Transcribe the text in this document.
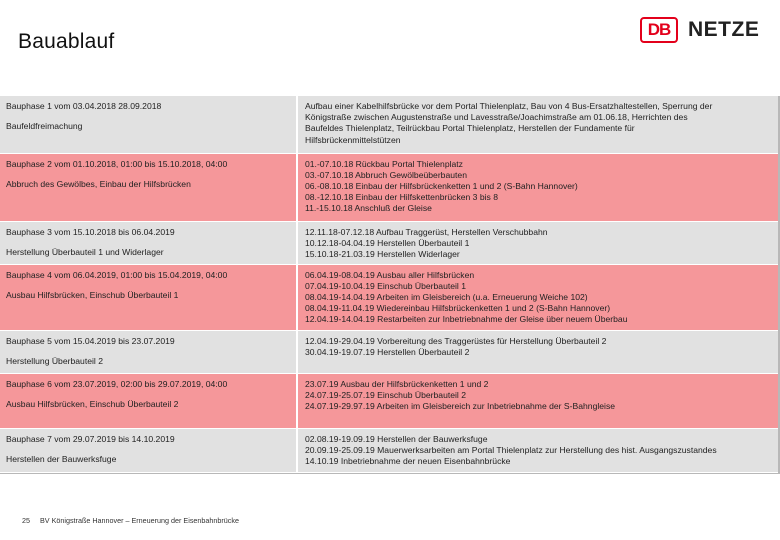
Bauablauf
DB NETZE
Bauphase 1 vom 03.04.2018 28.09.2018
Baufeldfreimachung	Aufbau einer Kabelhilfsbrücke vor dem Portal Thielenplatz, Bau von 4 Bus-Ersatzhaltestellen, Sperrung der
Königstraße zwischen Augustenstraße und Lavesstraße/Joachimstraße am 01.06.18, Herrichten des
Baufeldes Thielenplatz, Teilrückbau Portal Thielenplatz, Herstellen der Fundamente für
Hilfsbrückenmittelstützen

Bauphase 2 vom 01.10.2018, 01:00 bis 15.10.2018, 04:00
Abbruch des Gewölbes, Einbau der Hilfsbrücken	01.-07.10.18 Rückbau Portal Thielenplatz
03.-07.10.18 Abbruch Gewölbeüberbauten
06.-08.10.18 Einbau der Hilfsbrückenketten 1 und 2 (S-Bahn Hannover)
08.-12.10.18 Einbau der Hilfskettenbrücken 3 bis 8
11.-15.10.18 Anschluß der Gleise

Bauphase 3 vom 15.10.2018 bis 06.04.2019
Herstellung Überbauteil 1 und Widerlager	12.11.18-07.12.18 Aufbau Traggerüst, Herstellen Verschubbahn
10.12.18-04.04.19 Herstellen Überbauteil 1
15.10.18-21.03.19 Herstellen Widerlager

Bauphase 4 vom 06.04.2019, 01:00 bis 15.04.2019, 04:00
Ausbau Hilfsbrücken, Einschub Überbauteil 1	06.04.19-08.04.19 Ausbau aller Hilfsbrücken
07.04.19-10.04.19 Einschub Überbauteil 1
08.04.19-14.04.19 Arbeiten im Gleisbereich (u.a. Erneuerung Weiche 102)
08.04.19-11.04.19 Wiedereinbau Hilfsbrückenketten 1 und 2 (S-Bahn Hannover)
12.04.19-14.04.19 Restarbeiten zur Inbetriebnahme der Gleise über neuem Überbau

Bauphase 5 vom 15.04.2019 bis 23.07.2019
Herstellung Überbauteil 2	12.04.19-29.04.19 Vorbereitung des Traggerüstes für Herstellung Überbauteil 2
30.04.19-19.07.19 Herstellen Überbauteil 2

Bauphase 6 vom 23.07.2019, 02:00 bis 29.07.2019, 04:00
Ausbau Hilfsbrücken, Einschub Überbauteil 2	23.07.19 Ausbau der Hilfsbrückenketten 1 und 2
24.07.19-25.07.19 Einschub Überbauteil 2
24.07.19-29.97.19 Arbeiten im Gleisbereich zur Inbetriebnahme der S-Bahngleise

Bauphase 7 vom 29.07.2019 bis 14.10.2019
Herstellen der Bauwerksfuge	02.08.19-19.09.19 Herstellen der Bauwerksfuge
20.09.19-25.09.19 Mauerwerksarbeiten am Portal Thielenplatz zur Herstellung des hist. Ausgangszustandes
14.10.19 Inbetriebnahme der neuen Eisenbahnbrücke
25 BV Königstraße Hannover – Erneuerung der Eisenbahnbrücke
